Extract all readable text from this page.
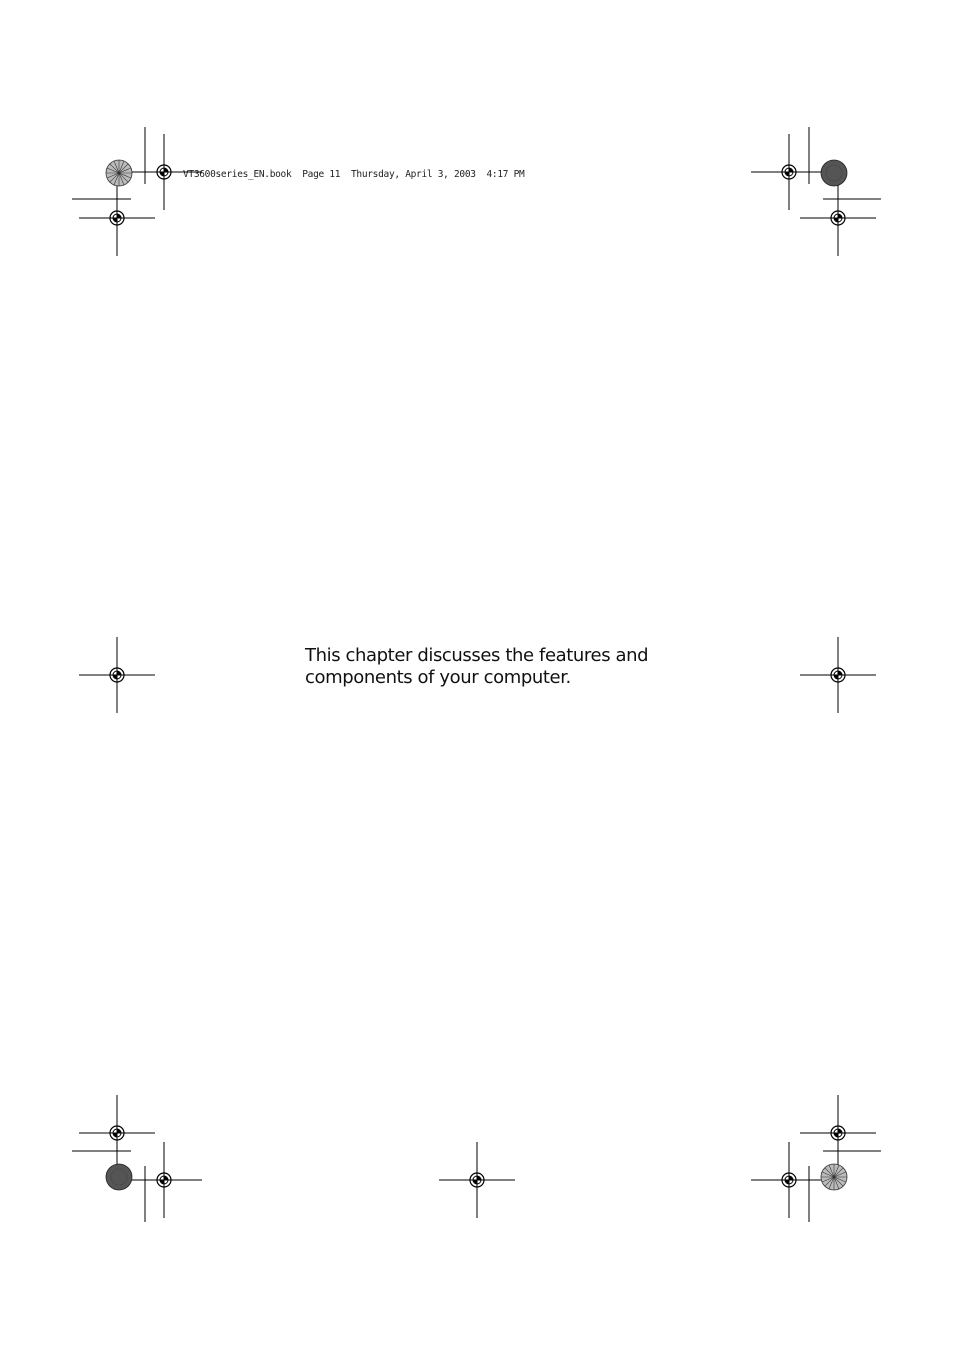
VT3600series_EN.book  Page 11  Thursday, April 3, 2003  4:17 PM
This chapter discusses the features and
components of your computer.
